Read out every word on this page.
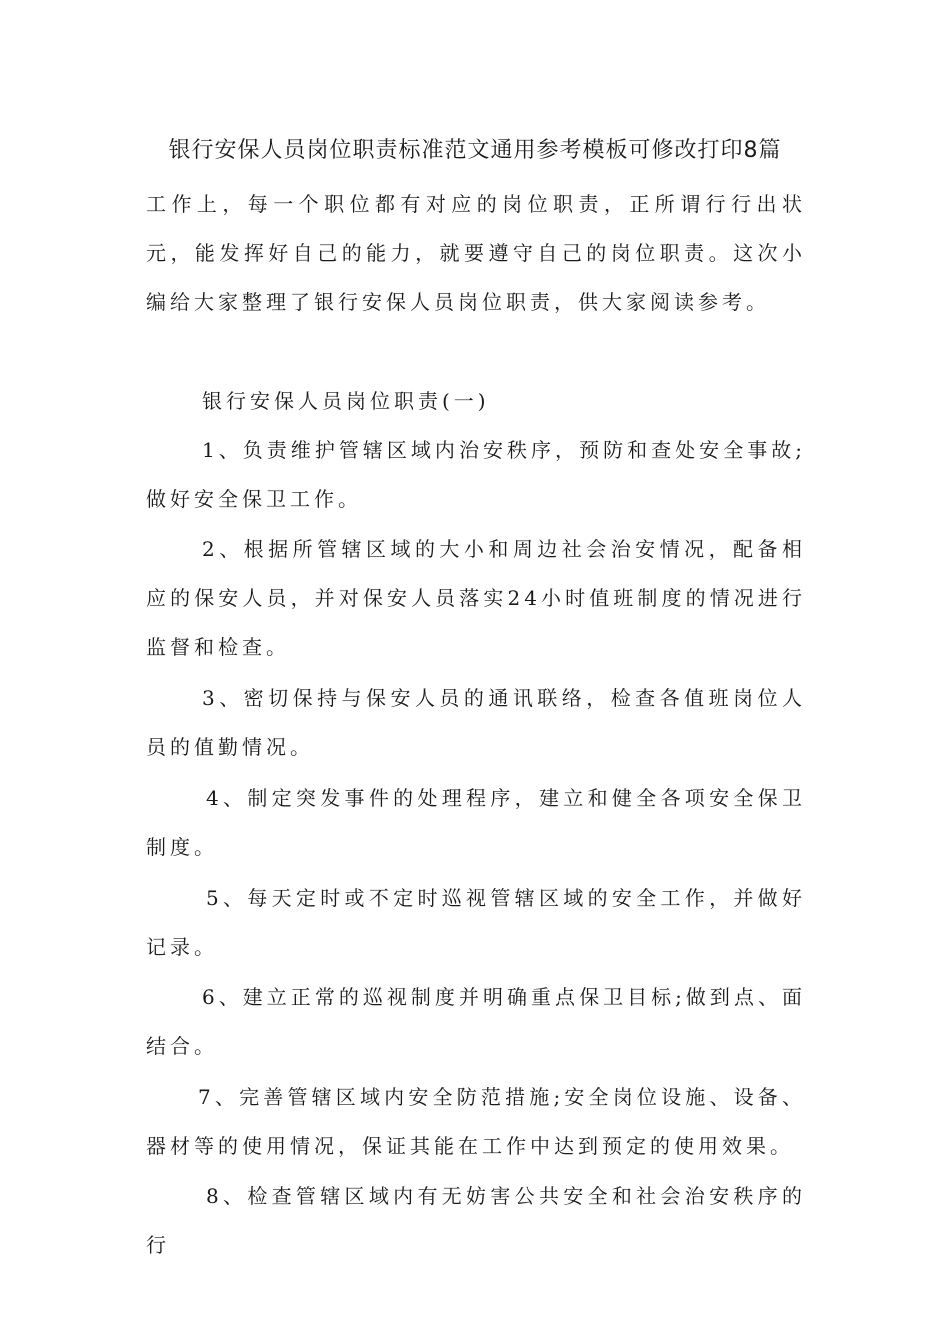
银行安保人员岗位职责标准范文通用参考模板可修改打印8篇

工作上，每一个职位都有对应的岗位职责，正所谓行行出状元，能发挥好自己的能力，就要遵守自己的岗位职责。这次小编给大家整理了银行安保人员岗位职责，供大家阅读参考。

银行安保人员岗位职责(一)

1、负责维护管辖区域内治安秩序，预防和查处安全事故;做好安全保卫工作。

2、根据所管辖区域的大小和周边社会治安情况，配备相应的保安人员，并对保安人员落实24小时值班制度的情况进行监督和检查。

3、密切保持与保安人员的通讯联络，检查各值班岗位人员的值勤情况。

4、制定突发事件的处理程序，建立和健全各项安全保卫制度。

5、每天定时或不定时巡视管辖区域的安全工作，并做好记录。

6、建立正常的巡视制度并明确重点保卫目标;做到点、面结合。

7、完善管辖区域内安全防范措施;安全岗位设施、设备、器材等的使用情况，保证其能在工作中达到预定的使用效果。

8、检查管辖区域内有无妨害公共安全和社会治安秩序的行
